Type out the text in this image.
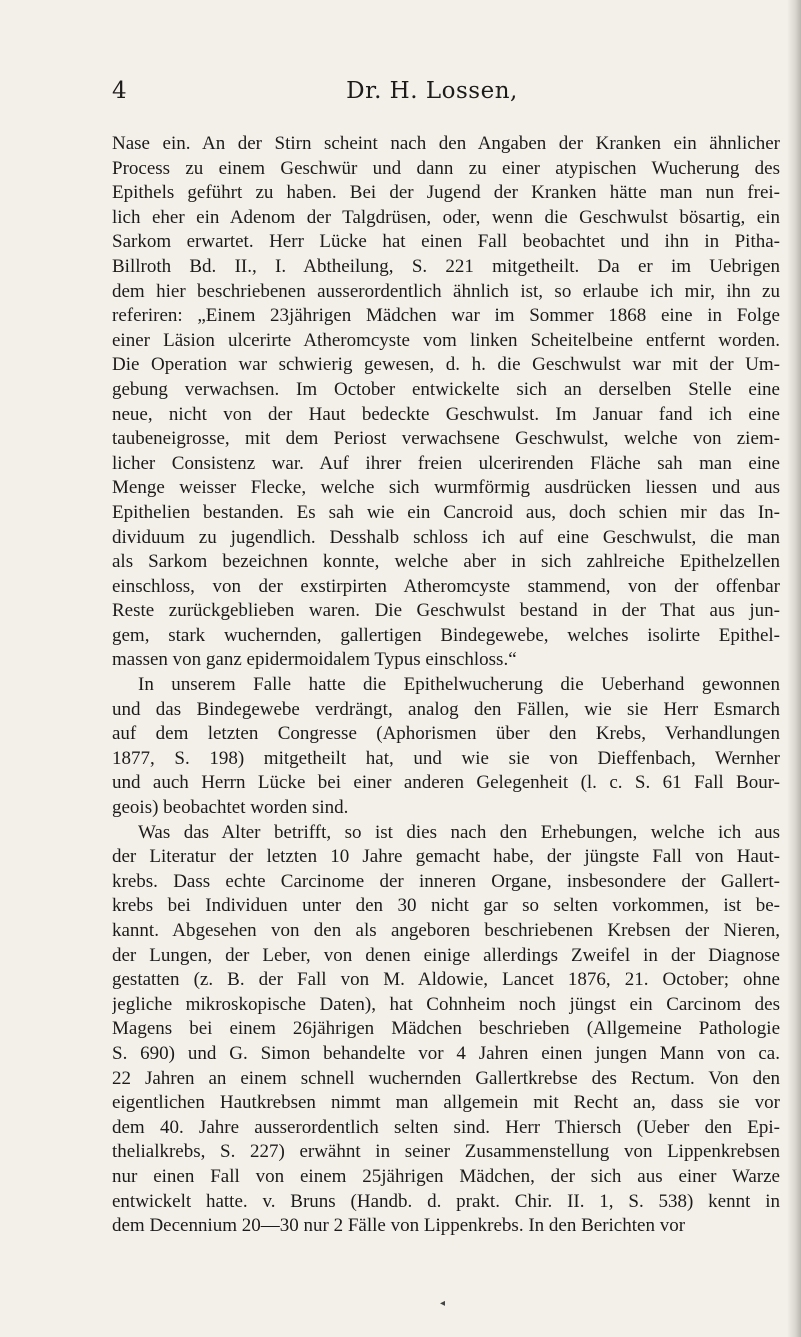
4	Dr. H. Lossen,
Nase ein. An der Stirn scheint nach den Angaben der Kranken ein ähnlicher
Process zu einem Geschwür und dann zu einer atypischen Wucherung des
Epithels geführt zu haben. Bei der Jugend der Kranken hätte man nun frei-
lich eher ein Adenom der Talgdrüsen, oder, wenn die Geschwulst bösartig, ein
Sarkom erwartet. Herr Lücke hat einen Fall beobachtet und ihn in Pitha-
Billroth Bd. II., I. Abtheilung, S. 221 mitgetheilt. Da er im Uebrigen
dem hier beschriebenen ausserordentlich ähnlich ist, so erlaube ich mir, ihn zu
referiren: „Einem 23jährigen Mädchen war im Sommer 1868 eine in Folge
einer Läsion ulcerirte Atheromcyste vom linken Scheitelbeine entfernt worden.
Die Operation war schwierig gewesen, d. h. die Geschwulst war mit der Um-
gebung verwachsen. Im October entwickelte sich an derselben Stelle eine
neue, nicht von der Haut bedeckte Geschwulst. Im Januar fand ich eine
taubeneigrosse, mit dem Periost verwachsene Geschwulst, welche von ziem-
licher Consistenz war. Auf ihrer freien ulcerirenden Fläche sah man eine
Menge weisser Flecke, welche sich wurmförmig ausdrücken liessen und aus
Epithelien bestanden. Es sah wie ein Cancroid aus, doch schien mir das In-
dividuum zu jugendlich. Desshalb schloss ich auf eine Geschwulst, die man
als Sarkom bezeichnen konnte, welche aber in sich zahlreiche Epithelzellen
einschloss, von der exstirpirten Atheromcyste stammend, von der offenbar
Reste zurückgeblieben waren. Die Geschwulst bestand in der That aus jun-
gem, stark wuchernden, gallertigen Bindegewebe, welches isolirte Epithel-
massen von ganz epidermoidalem Typus einschloss.“
In unserem Falle hatte die Epithelwucherung die Ueberhand gewonnen
und das Bindegewebe verdrängt, analog den Fällen, wie sie Herr Esmarch
auf dem letzten Congresse (Aphorismen über den Krebs, Verhandlungen
1877, S. 198) mitgetheilt hat, und wie sie von Dieffenbach, Wernher
und auch Herrn Lücke bei einer anderen Gelegenheit (l. c. S. 61 Fall Bour-
geois) beobachtet worden sind.
Was das Alter betrifft, so ist dies nach den Erhebungen, welche ich aus
der Literatur der letzten 10 Jahre gemacht habe, der jüngste Fall von Haut-
krebs. Dass echte Carcinome der inneren Organe, insbesondere der Gallert-
krebs bei Individuen unter den 30 nicht gar so selten vorkommen, ist be-
kannt. Abgesehen von den als angeboren beschriebenen Krebsen der Nieren,
der Lungen, der Leber, von denen einige allerdings Zweifel in der Diagnose
gestatten (z. B. der Fall von M. Aldowie, Lancet 1876, 21. October; ohne
jegliche mikroskopische Daten), hat Cohnheim noch jüngst ein Carcinom des
Magens bei einem 26jährigen Mädchen beschrieben (Allgemeine Pathologie
S. 690) und G. Simon behandelte vor 4 Jahren einen jungen Mann von ca.
22 Jahren an einem schnell wuchernden Gallertkrebse des Rectum. Von den
eigentlichen Hautkrebsen nimmt man allgemein mit Recht an, dass sie vor
dem 40. Jahre ausserordentlich selten sind. Herr Thiersch (Ueber den Epi-
thelialkrebs, S. 227) erwähnt in seiner Zusammenstellung von Lippenkrebsen
nur einen Fall von einem 25jährigen Mädchen, der sich aus einer Warze
entwickelt hatte. v. Bruns (Handb. d. prakt. Chir. II. 1, S. 538) kennt in
dem Decennium 20—30 nur 2 Fälle von Lippenkrebs. In den Berichten vor
◂
